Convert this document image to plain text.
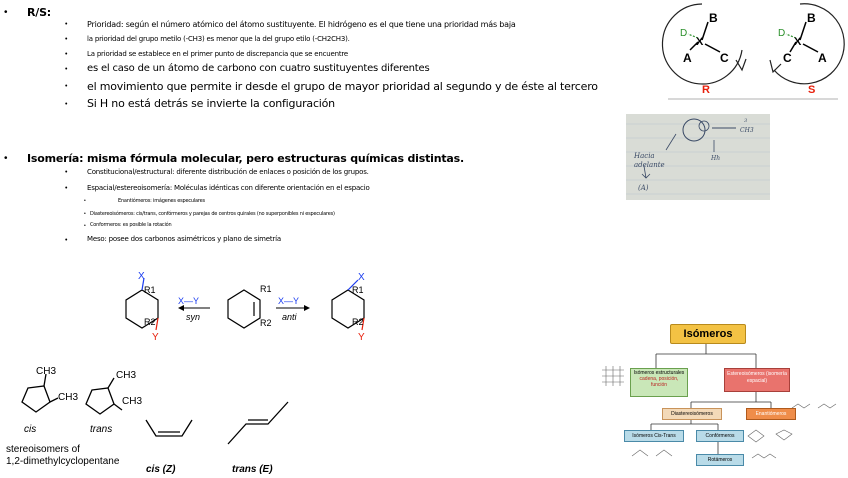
• R/S:
• Prioridad: según el número atómico del átomo sustituyente. El hidrógeno es el que tiene una prioridad más baja
•	la prioridad del grupo metilo (-CH3) es menor que la del grupo etilo (-CH2CH3).
•	La prioridad se establece en el primer punto de discrepancia que se encuentre
• es el caso de un átomo de carbono con cuatro sustituyentes diferentes
• el movimiento que permite ir desde el grupo de mayor prioridad al segundo y de éste al tercero
• Si H no está detrás se invierte la configuración
• Isomería: misma fórmula molecular, pero estructuras químicas distintas.
•	Constitucional/estructural: diferente distribución de enlaces o posición de los grupos.
•	Espacial/estereoisomería: Moléculas idénticas con diferente orientación en el espacio
•	Enantiómeros: imágenes especulares
• Diastereoisómeros: cis/trans, confórmeros y parejas de centros quirales (no superponibles ni especulares)
• Conformeros: es posible la rotación
•	Meso: posee dos carbonos asimétricos y plano de simetría
B
D
X
A C
R
B
D
X
C A
S
Hacia
adelante
(A)
CH3
Hh
3
X
R1
R2
Y
X—Y
syn
R1
R2
X—Y
anti
X
R1
R2
Y
CH3
CH3
cis
CH3
CH3
trans
stereoisomers of
1,2-dimethylcyclopentane
cis (Z)	trans (E)
Isómeros
Isómeros estructurales
cadena, posición, función
Estereoisómeros (isomería espacial)
Diastereoisómeros	Enantiómeros
Isómeros Cis-Trans	Confórmeros
Rotámeros
